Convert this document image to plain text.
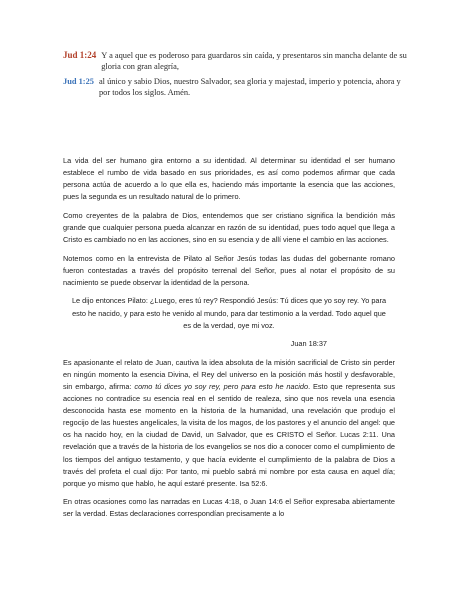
Jud 1:24 Y a aquel que es poderoso para guardaros sin caída, y presentaros sin mancha delante de su gloria con gran alegría,
Jud 1:25 al único y sabio Dios, nuestro Salvador, sea gloria y majestad, imperio y potencia, ahora y por todos los siglos. Amén.

La vida del ser humano gira entorno a su identidad. Al determinar su identidad el ser humano establece el rumbo de vida basado en sus prioridades, es así como podemos afirmar que cada persona actúa de acuerdo a lo que ella es, haciendo más importante la esencia que las acciones, pues la segunda es un resultado natural de lo primero.

Como creyentes de la palabra de Dios, entendemos que ser cristiano significa la bendición más grande que cualquier persona pueda alcanzar en razón de su identidad, pues todo aquel que llega a Cristo es cambiado no en las acciones, sino en su esencia y de allí viene el cambio en las acciones.

Notemos como en la entrevista de Pilato al Señor Jesús todas las dudas del gobernante romano fueron contestadas a través del propósito terrenal del Señor, pues al notar el propósito de su nacimiento se puede observar la identidad de la persona.

Le dijo entonces Pilato: ¿Luego, eres tú rey? Respondió Jesús: Tú dices que yo soy rey. Yo para esto he nacido, y para esto he venido al mundo, para dar testimonio a la verdad. Todo aquel que es de la verdad, oye mi voz.
Juan 18:37

Es apasionante el relato de Juan, cautiva la idea absoluta de la misión sacrificial de Cristo sin perder en ningún momento la esencia Divina, el Rey del universo en la posición más hostil y desfavorable, sin embargo, afirma: como tú dices yo soy rey, pero para esto he nacido. Esto que representa sus acciones no contradice su esencia real en el sentido de realeza, sino que nos revela una esencia desconocida hasta ese momento en la historia de la humanidad, una revelación que produjo el regocijo de las huestes angelicales, la visita de los magos, de los pastores y el anuncio del angel: que os ha nacido hoy, en la ciudad de David, un Salvador, que es CRISTO el Señor. Lucas 2:11. Una revelación que a través de la historia de los evangelios se nos dio a conocer como el cumplimiento de los tiempos del antiguo testamento, y que hacía evidente el cumplimiento de la palabra de Dios a través del profeta el cual dijo: Por tanto, mi pueblo sabrá mi nombre por esta causa en aquel día; porque yo mismo que hablo, he aquí estaré presente. Isa 52:6.

En otras ocasiones como las narradas en Lucas 4:18, o Juan 14:6 el Señor expresaba abiertamente ser la verdad. Estas declaraciones correspondían precisamente a lo
